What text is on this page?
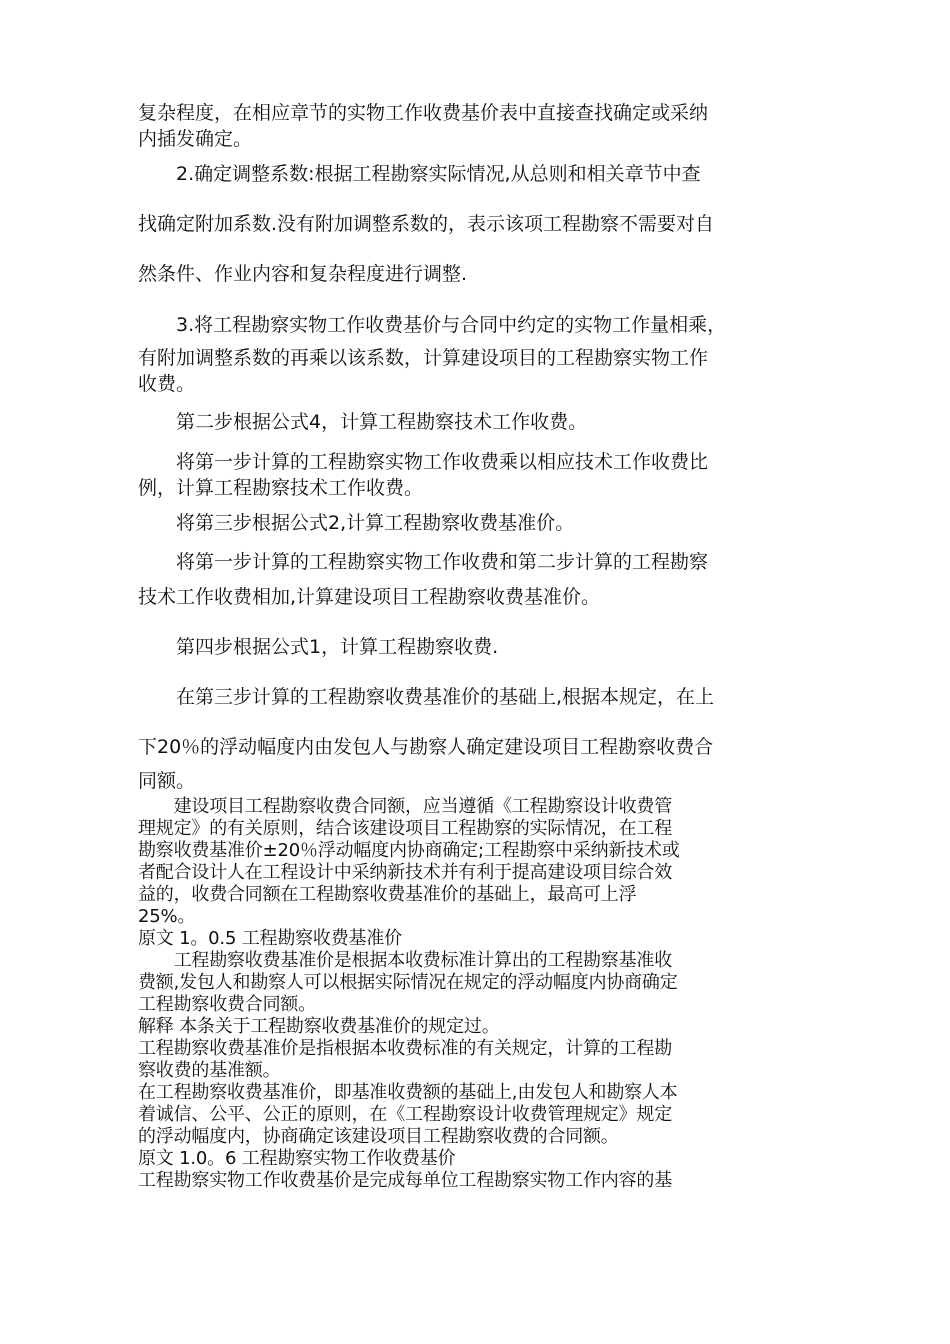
复杂程度，在相应章节的实物工作收费基价表中直接查找确定或采纳
内插发确定。
　　2.确定调整系数:根据工程勘察实际情况,从总则和相关章节中查
找确定附加系数.没有附加调整系数的，表示该项工程勘察不需要对自
然条件、作业内容和复杂程度进行调整.
　　3.将工程勘察实物工作收费基价与合同中约定的实物工作量相乘，
有附加调整系数的再乘以该系数，计算建设项目的工程勘察实物工作
收费。
　　第二步根据公式4，计算工程勘察技术工作收费。
　　将第一步计算的工程勘察实物工作收费乘以相应技术工作收费比
例，计算工程勘察技术工作收费。
　　将第三步根据公式2,计算工程勘察收费基准价。
　　将第一步计算的工程勘察实物工作收费和第二步计算的工程勘察
技术工作收费相加,计算建设项目工程勘察收费基准价。
　　第四步根据公式1，计算工程勘察收费.
　　在第三步计算的工程勘察收费基准价的基础上,根据本规定，在上
下20％的浮动幅度内由发包人与勘察人确定建设项目工程勘察收费合
同额。
　　建设项目工程勘察收费合同额，应当遵循《工程勘察设计收费管
理规定》的有关原则，结合该建设项目工程勘察的实际情况，在工程
勘察收费基准价±20％浮动幅度内协商确定;工程勘察中采纳新技术或
者配合设计人在工程设计中采纳新技术并有利于提高建设项目综合效
益的，收费合同额在工程勘察收费基准价的基础上，最高可上浮
25%。
原文 1。0.5 工程勘察收费基准价
　　工程勘察收费基准价是根据本收费标准计算出的工程勘察基准收
费额,发包人和勘察人可以根据实际情况在规定的浮动幅度内协商确定
工程勘察收费合同额。
解释 本条关于工程勘察收费基准价的规定过。
工程勘察收费基准价是指根据本收费标准的有关规定，计算的工程勘
察收费的基准额。
在工程勘察收费基准价，即基准收费额的基础上,由发包人和勘察人本
着诚信、公平、公正的原则，在《工程勘察设计收费管理规定》规定
的浮动幅度内，协商确定该建设项目工程勘察收费的合同额。
原文 1.0。6 工程勘察实物工作收费基价
工程勘察实物工作收费基价是完成每单位工程勘察实物工作内容的基
